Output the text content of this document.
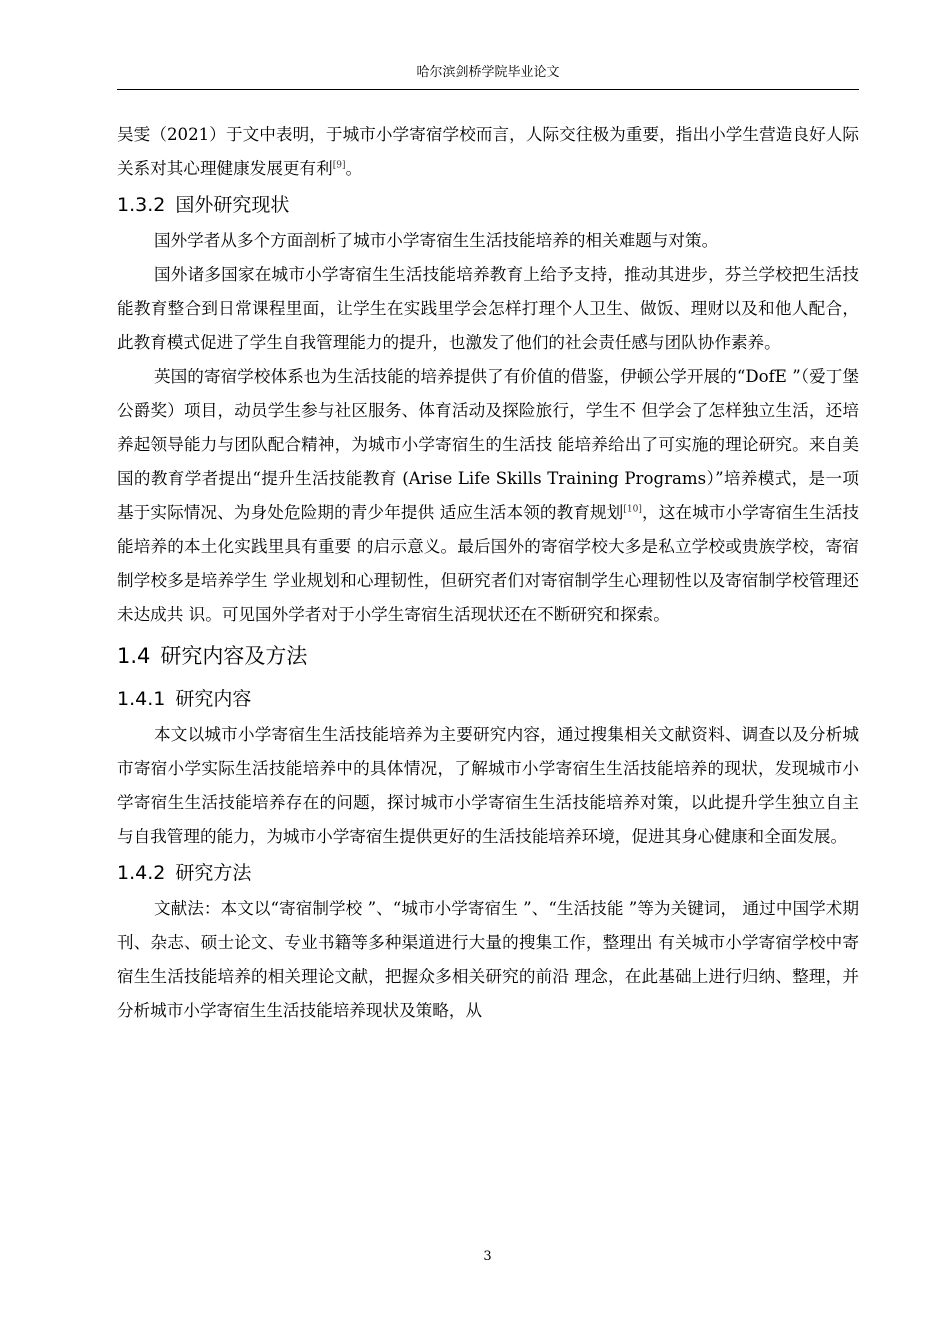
哈尔滨剑桥学院毕业论文

吴雯（2021）于文中表明，于城市小学寄宿学校而言，人际交往极为重要，指出小学生营造良好人际关系对其心理健康发展更有利[9]。

1.3.2 国外研究现状

国外学者从多个方面剖析了城市小学寄宿生生活技能培养的相关难题与对策。

国外诸多国家在城市小学寄宿生生活技能培养教育上给予支持，推动其进步，芬兰学校把生活技能教育整合到日常课程里面，让学生在实践里学会怎样打理个人卫生、做饭、理财以及和他人配合，此教育模式促进了学生自我管理能力的提升，也激发了他们的社会责任感与团队协作素养。

英国的寄宿学校体系也为生活技能的培养提供了有价值的借鉴，伊顿公学开展的“DofE ”（爱丁堡公爵奖）项目，动员学生参与社区服务、体育活动及探险旅行，学生不 但学会了怎样独立生活，还培养起领导能力与团队配合精神，为城市小学寄宿生的生活技 能培养给出了可实施的理论研究。来自美国的教育学者提出“提升生活技能教育 (Arise Life Skills Training Programs）”培养模式，是一项基于实际情况、为身处危险期的青少年提供 适应生活本领的教育规划[10]，这在城市小学寄宿生生活技能培养的本土化实践里具有重要 的启示意义。最后国外的寄宿学校大多是私立学校或贵族学校，寄宿制学校多是培养学生 学业规划和心理韧性，但研究者们对寄宿制学生心理韧性以及寄宿制学校管理还未达成共 识。可见国外学者对于小学生寄宿生活现状还在不断研究和探索。

1.4 研究内容及方法
1.4.1 研究内容

本文以城市小学寄宿生生活技能培养为主要研究内容，通过搜集相关文献资料、调查以及分析城市寄宿小学实际生活技能培养中的具体情况，了解城市小学寄宿生生活技能培养的现状，发现城市小学寄宿生生活技能培养存在的问题，探讨城市小学寄宿生生活技能培养对策，以此提升学生独立自主与自我管理的能力，为城市小学寄宿生提供更好的生活技能培养环境，促进其身心健康和全面发展。

1.4.2 研究方法

文献法：本文以“寄宿制学校 ”、“城市小学寄宿生 ”、“生活技能 ”等为关键词， 通过中国学术期刊、杂志、硕士论文、专业书籍等多种渠道进行大量的搜集工作，整理出 有关城市小学寄宿学校中寄宿生生活技能培养的相关理论文献，把握众多相关研究的前沿 理念，在此基础上进行归纳、整理，并分析城市小学寄宿生生活技能培养现状及策略，从

3
